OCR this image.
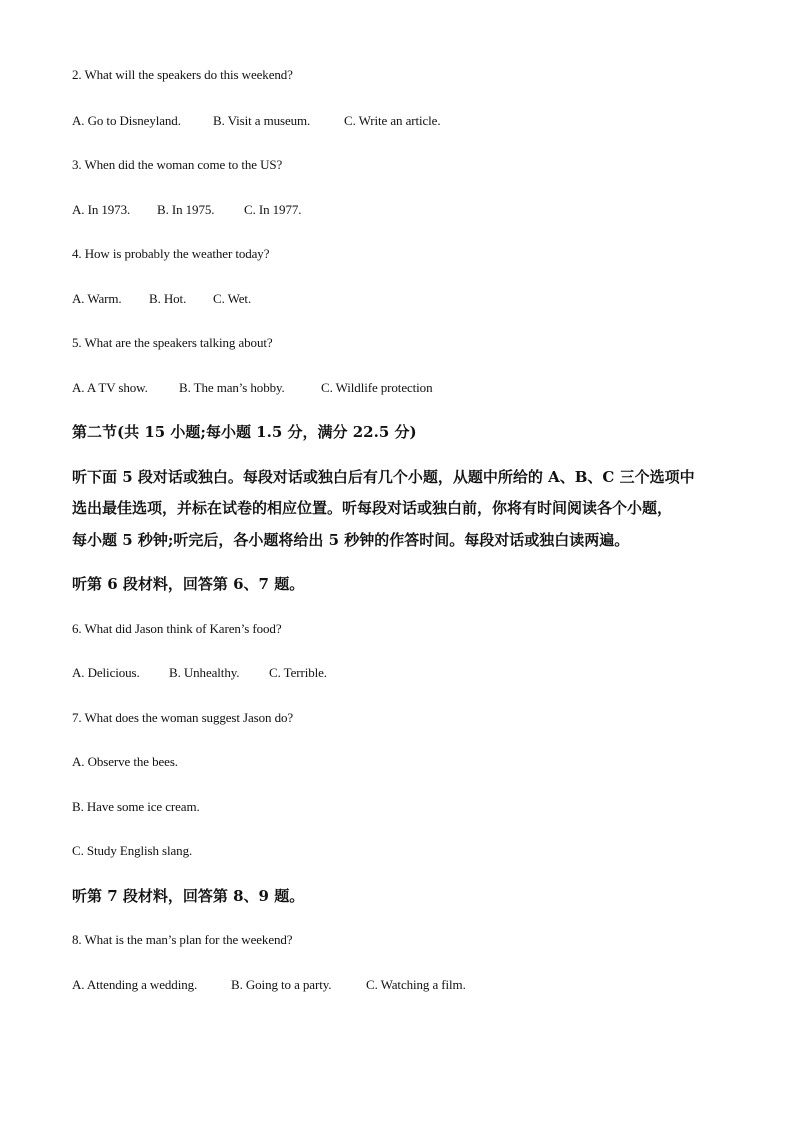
2. What will the speakers do this weekend?
A. Go to Disneyland. B. Visit a museum.	C. Write an article.
3. When did the woman come to the US?
A. In 1973. B. In 1975. C. In 1977.
4. How is probably the weather today?
A. Warm. B. Hot. C. Wet.
5. What are the speakers talking about?
A. A TV show. B. The man’s hobby.	C. Wildlife protection
第二节(共 15 小题;每小题 1.5 分，满分 22.5 分)
听下面 5 段对话或独白。每段对话或独白后有几个小题，从题中所给的 A、B、C 三个选项中
选出最佳选项，并标在试卷的相应位置。听每段对话或独白前，你将有时间阅读各个小题，
每小题 5 秒钟;听完后，各小题将给出 5 秒钟的作答时间。每段对话或独白读两遍。
听第 6 段材料，回答第 6、7 题。
6. What did Jason think of Karen’s food?
A. Delicious. B. Unhealthy. C. Terrible.
7. What does the woman suggest Jason do?
A. Observe the bees.
B. Have some ice cream.
C. Study English slang.
听第 7 段材料，回答第 8、9 题。
8. What is the man’s plan for the weekend?
A. Attending a wedding.	B. Going to a party.	C. Watching a film.
